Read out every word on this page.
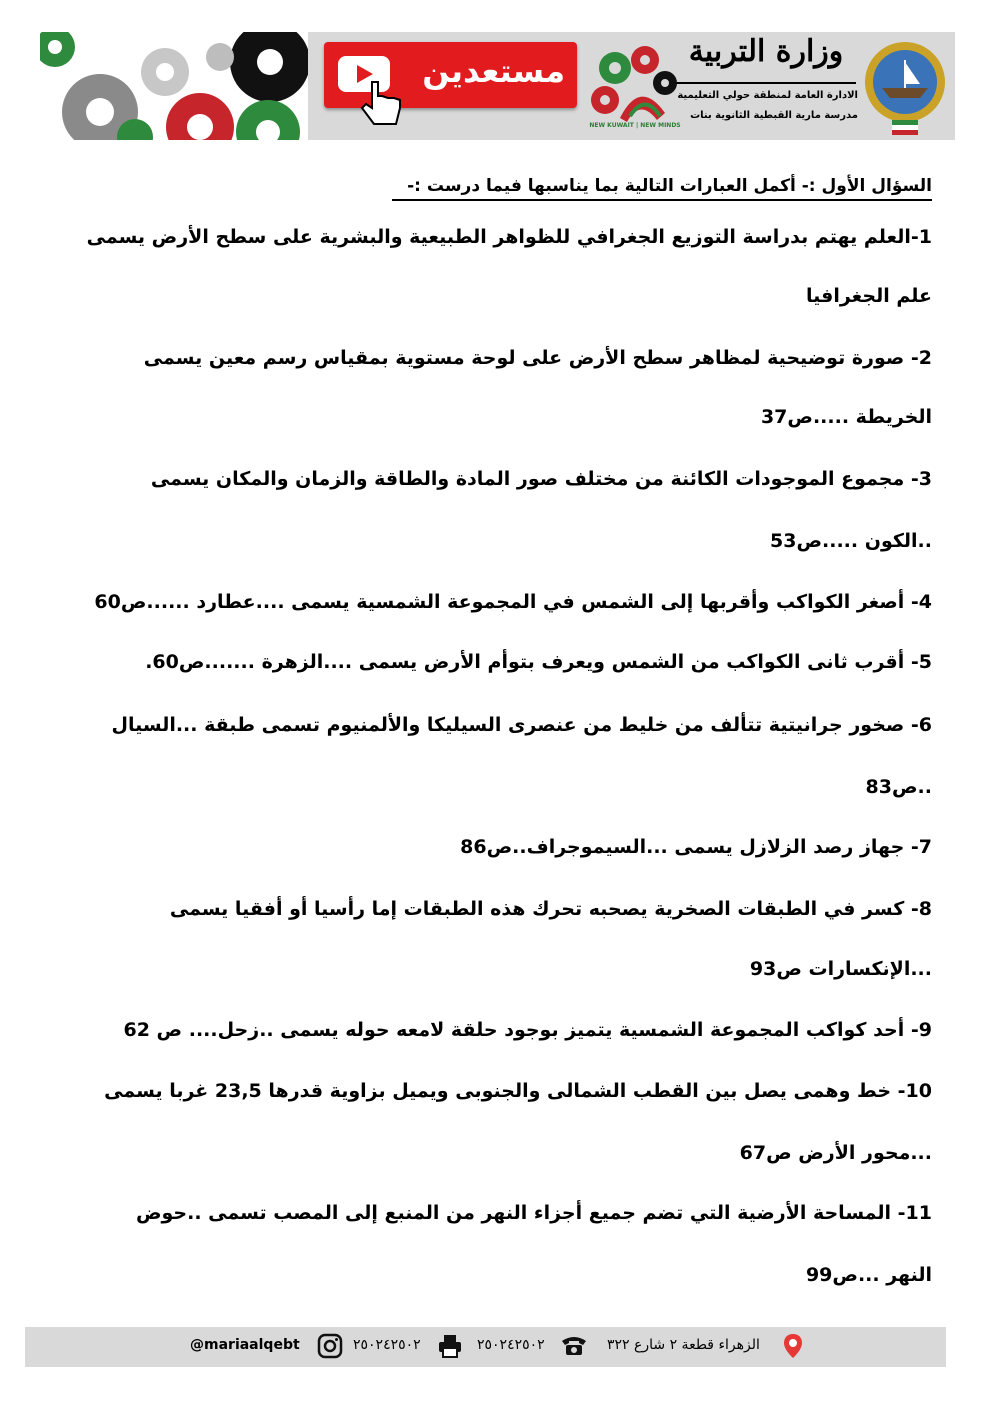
مستعدين
NEW KUWAIT | NEW MINDS
وزارة التربية
الادارة العامة لمنطقة حولي التعليمية
مدرسة مارية القبطية الثانوية بنات
السؤال الأول :- أكمل العبارات التالية بما يناسبها فيما درست :-
1-العلم يهتم بدراسة التوزيع الجغرافي للظواهر الطبيعية والبشرية على سطح الأرض يسمى
علم الجغرافيا
2- صورة توضيحية لمظاهر سطح الأرض على لوحة مستوية بمقياس رسم معين يسمى
الخريطة .....ص37
3- مجموع الموجودات الكائنة من مختلف صور المادة والطاقة والزمان والمكان يسمى
..الكون .....ص53
4- أصغر الكواكب وأقربها إلى الشمس في المجموعة الشمسية يسمى ....عطارد ......ص60
5- أقرب ثانى الكواكب من الشمس ويعرف بتوأم الأرض يسمى ....الزهرة .......ص60.
6- صخور جرانيتية تتألف من خليط من عنصرى السيليكا والألمنيوم تسمى طبقة ...السيال
..ص83
7- جهاز رصد الزلازل يسمى ...السيموجراف..ص86
8- كسر في الطبقات الصخرية يصحبه تحرك هذه الطبقات إما رأسيا أو أفقيا يسمى
...الإنكسارات ص93
9- أحد كواكب المجموعة الشمسية يتميز بوجود حلقة لامعه حوله يسمى ..زحل.... ص 62
10- خط وهمى يصل بين القطب الشمالى والجنوبى ويميل بزاوية قدرها 23,5 غربا يسمى
...محور الأرض ص67
11- المساحة الأرضية التي تضم جميع أجزاء النهر من المنبع إلى المصب تسمى ..حوض
النهر ...ص99
الزهراء قطعة ٢ شارع ٣٢٢
٢٥٠٢٤٢٥٠٢
٢٥٠٢٤٢٥٠٢
@mariaalqebt
